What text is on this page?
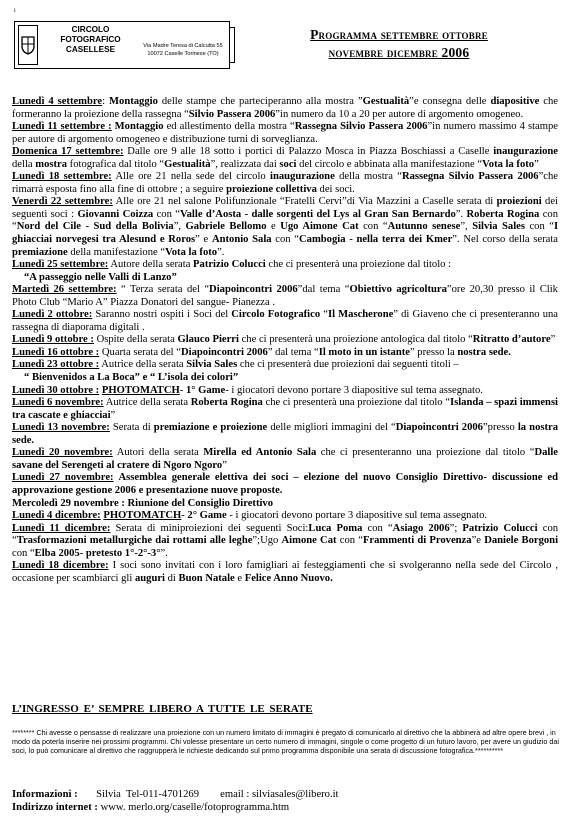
i
CIRCOLO
FOTOGRAFICO
CASELLESE	Via Madre Teresa di Calcutta 55
10072 Caselle Torinese (TO)
Programma settembre ottobre
novembre dicembre 2006

Lunedì 4 settembre: Montaggio delle stampe che parteciperanno alla mostra ”Gestualità”e consegna delle diapositive che formeranno la proiezione della rassegna “Silvio Passera 2006”in numero da 10 a 20 per autore di argomento omogeneo.

Lunedì 11 settembre : Montaggio ed allestimento della mostra “Rassegna Silvio Passera 2006”in numero massimo 4 stampe per autore di argomento omogeneo e distribuzione turni di sorveglianza.

Domenica 17 settembre: Dalle ore 9 alle 18 sotto i portici di Palazzo Mosca in Piazza Boschiassi a Caselle inaugurazione della mostra fotografica dal titolo “Gestualità”, realizzata dai soci del circolo e abbinata alla manifestazione “Vota la foto”

Lunedì 18 settembre: Alle ore 21 nella sede del circolo inaugurazione della mostra “Rassegna Silvio Passera 2006”che rimarrà esposta fino alla fine di ottobre ; a seguire proiezione collettiva dei soci.

Venerdì 22 settembre: Alle ore 21 nel salone Polifunzionale “Fratelli Cervi”di Via Mazzini a Caselle serata di proiezioni dei seguenti soci : Giovanni Coizza con “Valle d’Aosta - dalle sorgenti del Lys al Gran San Bernardo”. Roberta Rogina con “Nord del Cile - Sud della Bolivia”, Gabriele Bellomo e Ugo Aimone Cat con “Autunno senese”, Silvia Sales con “I ghiacciai norvegesi tra Alesund e Roros” e Antonio Sala con “Cambogia - nella terra dei Kmer”. Nel corso della serata premiazione della manifestazione “Vota la foto”.

Lunedì 25 settembre: Autore della serata Patrizio Colucci che ci presenterà una proiezione dal titolo :

“A passeggio nelle Valli di Lanzo”

Martedì 26 settembre: “ Terza serata del “Diapoincontri 2006”dal tema “Obiettivo agricoltura”ore 20,30 presso il Clik Photo Club “Mario A” Piazza Donatori del sangue- Pianezza .

Lunedì 2 ottobre: Saranno nostri ospiti i Soci del Circolo Fotografico “Il Mascherone” di Giaveno che ci presenteranno una rassegna di diaporama digitali .

Lunedì 9 ottobre : Ospite della serata Glauco Pierri che ci presenterà una proiezione antologica dal titolo “Ritratto d’autore”

Lunedì 16 ottobre : Quarta serata del “Diapoincontri 2006” dal tema “Il moto in un istante” presso la nostra sede.

Lunedì 23 ottobre : Autrice della serata Silvia Sales che ci presenterà due proiezioni dai seguenti titoli –

“ Bienvenidos a La Boca” e “ L’isola dei colori”

Lunedì 30 ottobre : PHOTOMATCH- 1° Game- i giocatori devono portare 3 diapositive sul tema assegnato.

Lunedì 6 novembre: Autrice della serata Roberta Rogina che ci presenterà una proiezione dal titolo “Islanda – spazi immensi tra cascate e ghiacciai”

Lunedì 13 novembre: Serata di premiazione e proiezione delle migliori immagini del “Diapoincontri 2006”presso la nostra sede.

Lunedì 20 novembre: Autori della serata Mirella ed Antonio Sala che ci presenteranno una proiezione dal titolo “Dalle savane del Serengeti al cratere di Ngoro Ngoro”

Lunedì 27 novembre: Assemblea generale elettiva dei soci – elezione del nuovo Consiglio Direttivo- discussione ed approvazione gestione 2006 e presentazione nuove proposte.

Mercoledì 29 novembre : Riunione del Consiglio Direttivo

Lunedì 4 dicembre: PHOTOMATCH- 2° Game - i giocatori devono portare 3 diapositive sul tema assegnato.

Lunedì 11 dicembre: Serata di miniproiezioni dei seguenti Soci:Luca Poma con “Asiago 2006”; Patrizio Colucci con “Trasformazioni metallurgiche dai rottami alle leghe”;Ugo Aimone Cat con “Frammenti di Provenza”e Daniele Borgoni con “Elba 2005- pretesto 1°-2°-3°”.

Lunedì 18 dicembre: I soci sono invitati con i loro famigliari ai festeggiamenti che si svolgeranno nella sede del Circolo , occasione per scambiarci gli auguri di Buon Natale e Felice Anno Nuovo.

L’INGRESSO E’ SEMPRE LIBERO A TUTTE LE SERATE
******** Chi avesse o pensasse di realizzare una proiezione con un numero limitato di immagini è pregato di comunicarlo al direttivo che la abbinerà ad altre opere brevi , in modo da poterla inserire nei prossimi programmi. Chi volesse presentare un certo numero di immagini, singole o come progetto di un futuro lavoro, per avere un giudizio dai soci, lo può comunicare al direttivo che raggrupperà le richieste dedicando sul primo programma disponibile una serata di discussione fotografica.**********
Informazioni :       Silvia  Tel-011-4701269        email : silviasales@libero.it
Indirizzo internet : www. merlo.org/caselle/fotoprogramma.htm
